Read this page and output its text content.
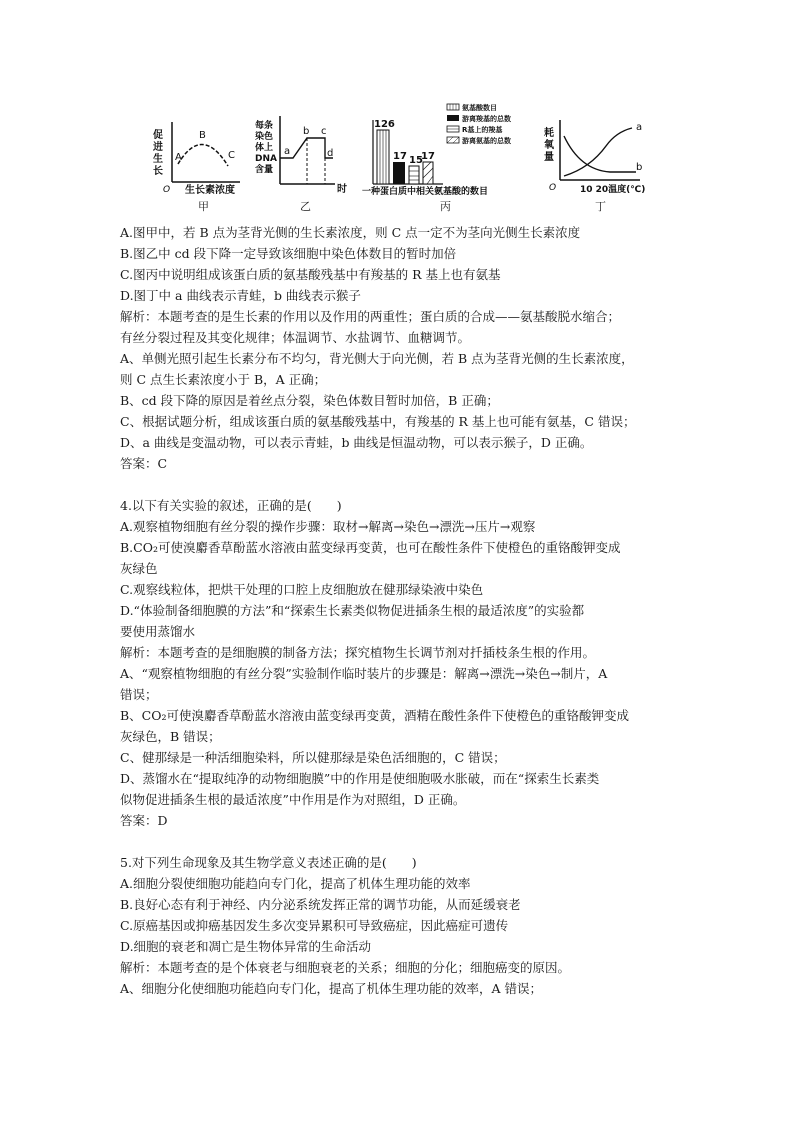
促
进
生
长
A
B
C
O 生长素浓度
甲
每条
染色
体上
DNA
含量
a
b c
d
时
乙
126
17 15
17
氨基酸数目
游离羧基的总数
R基上的羧基
游离氨基的总数
一种蛋白质中相关氨基酸的数目
丙
耗
氧
量
a
b
O	10 20温度(℃)
丁

A.图甲中，若 B 点为茎背光侧的生长素浓度，则 C 点一定不为茎向光侧生长素浓度

B.图乙中 cd 段下降一定导致该细胞中染色体数目的暂时加倍

C.图丙中说明组成该蛋白质的氨基酸残基中有羧基的 R 基上也有氨基

D.图丁中 a 曲线表示青蛙，b 曲线表示猴子

解析：本题考查的是生长素的作用以及作用的两重性；蛋白质的合成——氨基酸脱水缩合；

有丝分裂过程及其变化规律；体温调节、水盐调节、血糖调节。

A、单侧光照引起生长素分布不均匀，背光侧大于向光侧，若 B 点为茎背光侧的生长素浓度，

则 C 点生长素浓度小于 B，A 正确；

B、cd 段下降的原因是着丝点分裂，染色体数目暂时加倍，B 正确；

C、根据试题分析，组成该蛋白质的氨基酸残基中，有羧基的 R 基上也可能有氨基，C 错误；

D、a 曲线是变温动物，可以表示青蛙，b 曲线是恒温动物，可以表示猴子，D 正确。

答案：C

4.以下有关实验的叙述，正确的是(　　)

A.观察植物细胞有丝分裂的操作步骤：取材→解离→染色→漂洗→压片→观察

B.CO₂可使溴麝香草酚蓝水溶液由蓝变绿再变黄，也可在酸性条件下使橙色的重铬酸钾变成

灰绿色

C.观察线粒体，把烘干处理的口腔上皮细胞放在健那绿染液中染色

D.“体验制备细胞膜的方法”和“探索生长素类似物促进插条生根的最适浓度”的实验都

要使用蒸馏水

解析：本题考查的是细胞膜的制备方法；探究植物生长调节剂对扦插枝条生根的作用。

A、“观察植物细胞的有丝分裂”实验制作临时装片的步骤是：解离→漂洗→染色→制片，A

错误；

B、CO₂可使溴麝香草酚蓝水溶液由蓝变绿再变黄，酒精在酸性条件下使橙色的重铬酸钾变成

灰绿色，B 错误；

C、健那绿是一种活细胞染料，所以健那绿是染色活细胞的，C 错误；

D、蒸馏水在“提取纯净的动物细胞膜”中的作用是使细胞吸水胀破，而在“探索生长素类

似物促进插条生根的最适浓度”中作用是作为对照组，D 正确。

答案：D

5.对下列生命现象及其生物学意义表述正确的是(　　)

A.细胞分裂使细胞功能趋向专门化，提高了机体生理功能的效率

B.良好心态有利于神经、内分泌系统发挥正常的调节功能，从而延缓衰老

C.原癌基因或抑癌基因发生多次变异累积可导致癌症，因此癌症可遗传

D.细胞的衰老和凋亡是生物体异常的生命活动

解析：本题考查的是个体衰老与细胞衰老的关系；细胞的分化；细胞癌变的原因。

A、细胞分化使细胞功能趋向专门化，提高了机体生理功能的效率，A 错误；
